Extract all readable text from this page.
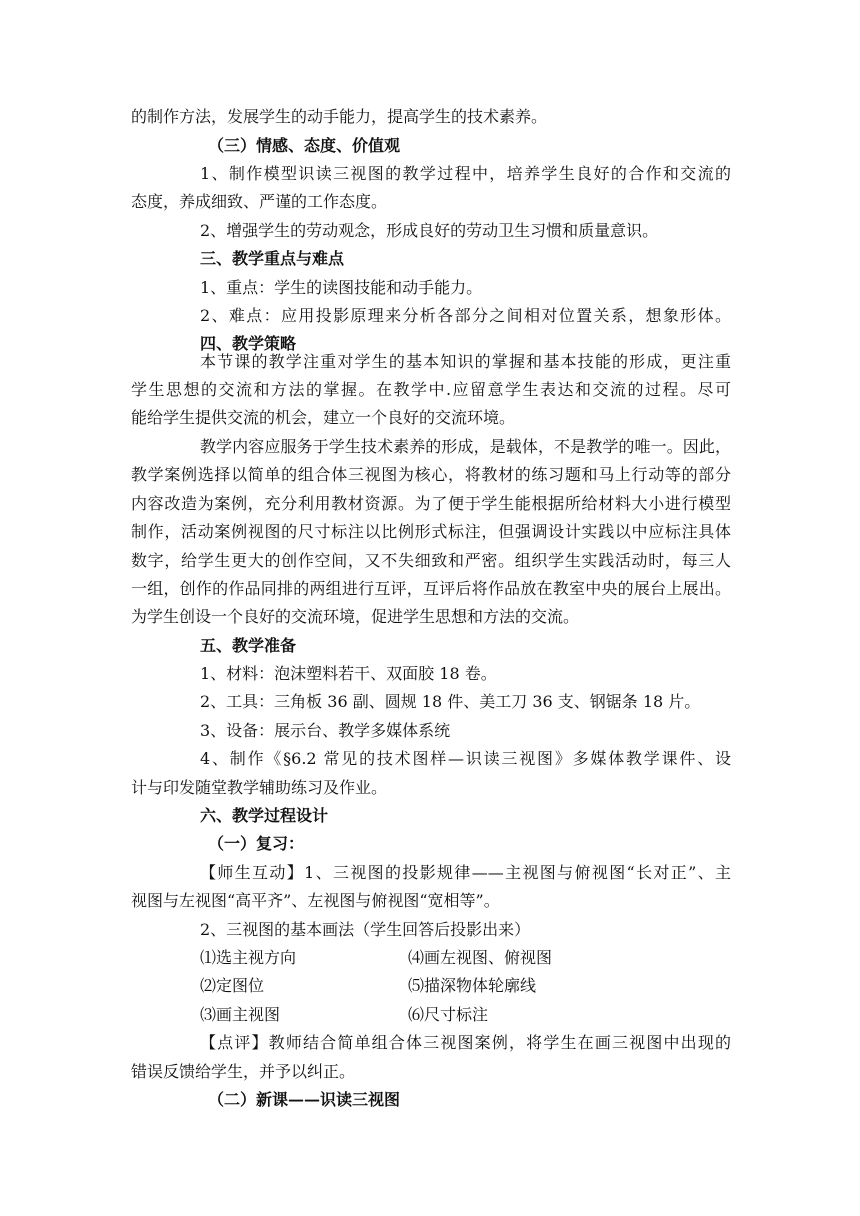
的制作方法，发展学生的动手能力，提高学生的技术素养。
（三）情感、态度、价值观
1、制作模型识读三视图的教学过程中，培养学生良好的合作和交流的
态度，养成细致、严谨的工作态度。
2、增强学生的劳动观念，形成良好的劳动卫生习惯和质量意识。
三、教学重点与难点
1、重点：学生的读图技能和动手能力。
2、难点：应用投影原理来分析各部分之间相对位置关系，想象形体。
四、教学策略
本节课的教学注重对学生的基本知识的掌握和基本技能的形成，更注重
学生思想的交流和方法的掌握。在教学中.应留意学生表达和交流的过程。尽可
能给学生提供交流的机会，建立一个良好的交流环境。
教学内容应服务于学生技术素养的形成，是载体，不是教学的唯一。因此，
教学案例选择以简单的组合体三视图为核心，将教材的练习题和马上行动等的部分
内容改造为案例，充分利用教材资源。为了便于学生能根据所给材料大小进行模型
制作，活动案例视图的尺寸标注以比例形式标注，但强调设计实践以中应标注具体
数字，给学生更大的创作空间，又不失细致和严密。组织学生实践活动时，每三人
一组，创作的作品同排的两组进行互评，互评后将作品放在教室中央的展台上展出。
为学生创设一个良好的交流环境，促进学生思想和方法的交流。
五、教学准备
1、材料：泡沫塑料若干、双面胶 18 卷。
2、工具：三角板 36 副、圆规 18 件、美工刀 36 支、钢锯条 18 片。
3、设备：展示台、教学多媒体系统
4、制作《§6.2 常见的技术图样—识读三视图》多媒体教学课件、设
计与印发随堂教学辅助练习及作业。
六、教学过程设计
（一）复习：
【师生互动】1、三视图的投影规律——主视图与俯视图“长对正”、主
视图与左视图“高平齐”、左视图与俯视图“宽相等”。
2、三视图的基本画法（学生回答后投影出来）
⑴选主视方向	⑷画左视图、俯视图
⑵定图位	⑸描深物体轮廓线
⑶画主视图	⑹尺寸标注
【点评】教师结合简单组合体三视图案例，将学生在画三视图中出现的
错误反馈给学生，并予以纠正。
（二）新课——识读三视图
